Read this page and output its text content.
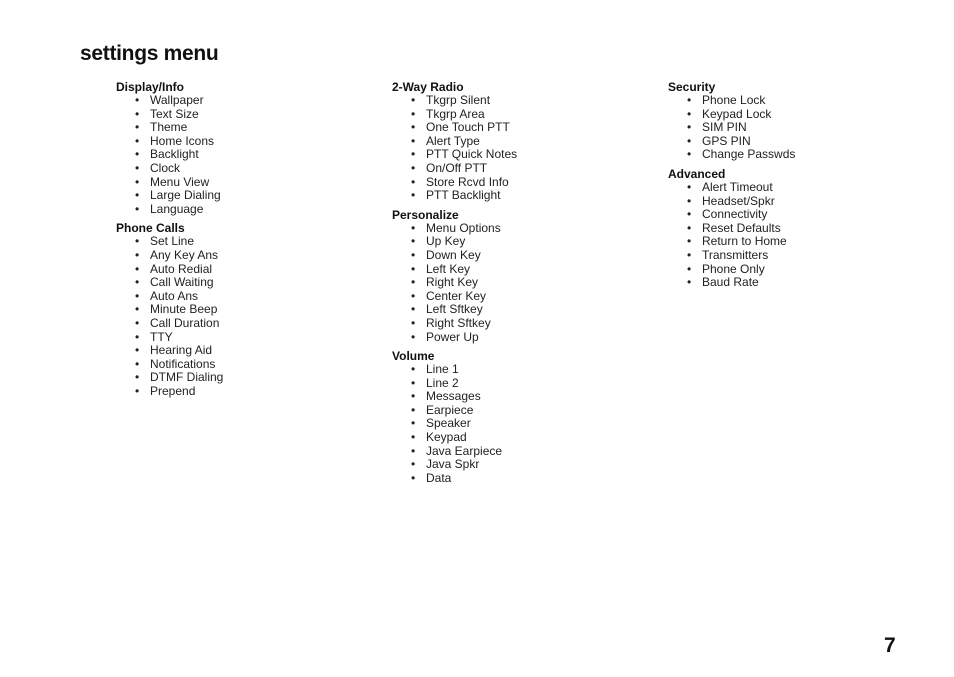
settings menu
Display/Info
• Wallpaper
• Text Size
• Theme
• Home Icons
• Backlight
• Clock
• Menu View
• Large Dialing
• Language
Phone Calls
• Set Line
• Any Key Ans
• Auto Redial
• Call Waiting
• Auto Ans
• Minute Beep
• Call Duration
• TTY
• Hearing Aid
• Notifications
• DTMF Dialing
• Prepend
2-Way Radio
• Tkgrp Silent
• Tkgrp Area
• One Touch PTT
• Alert Type
• PTT Quick Notes
• On/Off PTT
• Store Rcvd Info
• PTT Backlight
Personalize
• Menu Options
• Up Key
• Down Key
• Left Key
• Right Key
• Center Key
• Left Sftkey
• Right Sftkey
• Power Up
Volume
• Line 1
• Line 2
• Messages
• Earpiece
• Speaker
• Keypad
• Java Earpiece
• Java Spkr
• Data
Security
• Phone Lock
• Keypad Lock
• SIM PIN
• GPS PIN
• Change Passwds
Advanced
• Alert Timeout
• Headset/Spkr
• Connectivity
• Reset Defaults
• Return to Home
• Transmitters
• Phone Only
• Baud Rate
7
